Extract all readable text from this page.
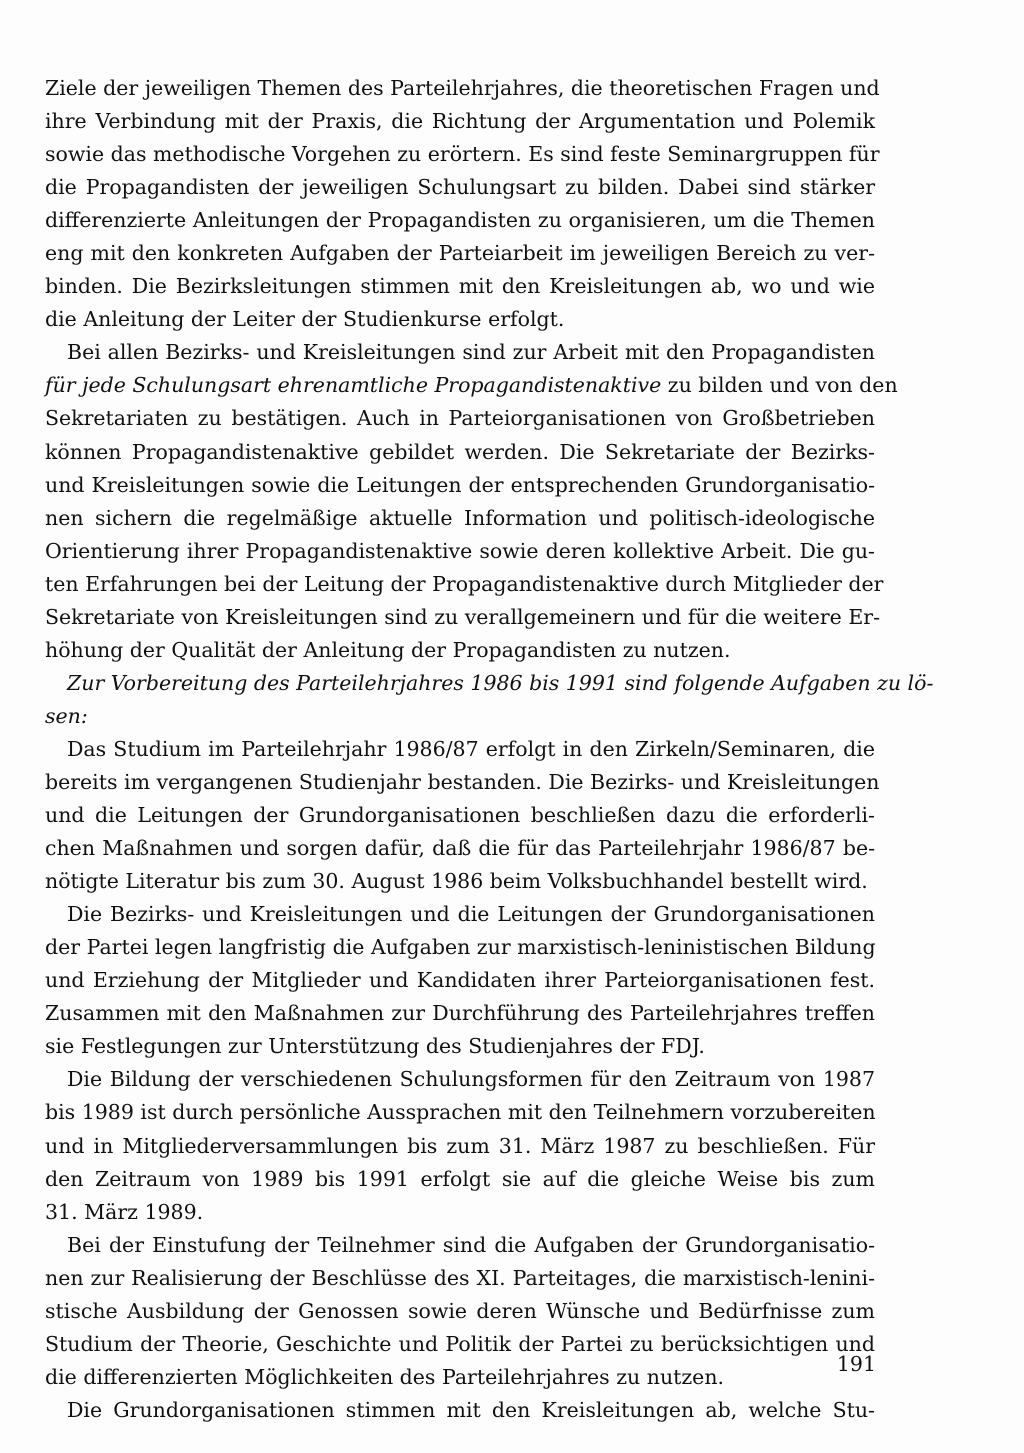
Ziele der jeweiligen Themen des Parteilehrjahres, die theoretischen Fragen und
ihre Verbindung mit der Praxis, die Richtung der Argumentation und Polemik
sowie das methodische Vorgehen zu erörtern. Es sind feste Seminargruppen für
die Propagandisten der jeweiligen Schulungsart zu bilden. Dabei sind stärker
differenzierte Anleitungen der Propagandisten zu organisieren, um die Themen
eng mit den konkreten Aufgaben der Parteiarbeit im jeweiligen Bereich zu ver-
binden. Die Bezirksleitungen stimmen mit den Kreisleitungen ab, wo und wie
die Anleitung der Leiter der Studienkurse erfolgt.
Bei allen Bezirks- und Kreisleitungen sind zur Arbeit mit den Propagandisten
für jede Schulungsart ehrenamtliche Propagandistenaktive zu bilden und von den
Sekretariaten zu bestätigen. Auch in Parteiorganisationen von Großbetrieben
können Propagandistenaktive gebildet werden. Die Sekretariate der Bezirks-
und Kreisleitungen sowie die Leitungen der entsprechenden Grundorganisatio-
nen sichern die regelmäßige aktuelle Information und politisch-ideologische
Orientierung ihrer Propagandistenaktive sowie deren kollektive Arbeit. Die gu-
ten Erfahrungen bei der Leitung der Propagandistenaktive durch Mitglieder der
Sekretariate von Kreisleitungen sind zu verallgemeinern und für die weitere Er-
höhung der Qualität der Anleitung der Propagandisten zu nutzen.
Zur Vorbereitung des Parteilehrjahres 1986 bis 1991 sind folgende Aufgaben zu lö-
sen:
Das Studium im Parteilehrjahr 1986/87 erfolgt in den Zirkeln/Seminaren, die
bereits im vergangenen Studienjahr bestanden. Die Bezirks- und Kreisleitungen
und die Leitungen der Grundorganisationen beschließen dazu die erforderli-
chen Maßnahmen und sorgen dafür, daß die für das Parteilehrjahr 1986/87 be-
nötigte Literatur bis zum 30. August 1986 beim Volksbuchhandel bestellt wird.
Die Bezirks- und Kreisleitungen und die Leitungen der Grundorganisationen
der Partei legen langfristig die Aufgaben zur marxistisch-leninistischen Bildung
und Erziehung der Mitglieder und Kandidaten ihrer Parteiorganisationen fest.
Zusammen mit den Maßnahmen zur Durchführung des Parteilehrjahres treffen
sie Festlegungen zur Unterstützung des Studienjahres der FDJ.
Die Bildung der verschiedenen Schulungsformen für den Zeitraum von 1987
bis 1989 ist durch persönliche Aussprachen mit den Teilnehmern vorzubereiten
und in Mitgliederversammlungen bis zum 31. März 1987 zu beschließen. Für
den Zeitraum von 1989 bis 1991 erfolgt sie auf die gleiche Weise bis zum
31. März 1989.
Bei der Einstufung der Teilnehmer sind die Aufgaben der Grundorganisatio-
nen zur Realisierung der Beschlüsse des XI. Parteitages, die marxistisch-lenini-
stische Ausbildung der Genossen sowie deren Wünsche und Bedürfnisse zum
Studium der Theorie, Geschichte und Politik der Partei zu berücksichtigen und
die differenzierten Möglichkeiten des Parteilehrjahres zu nutzen.
Die Grundorganisationen stimmen mit den Kreisleitungen ab, welche Stu-
191
